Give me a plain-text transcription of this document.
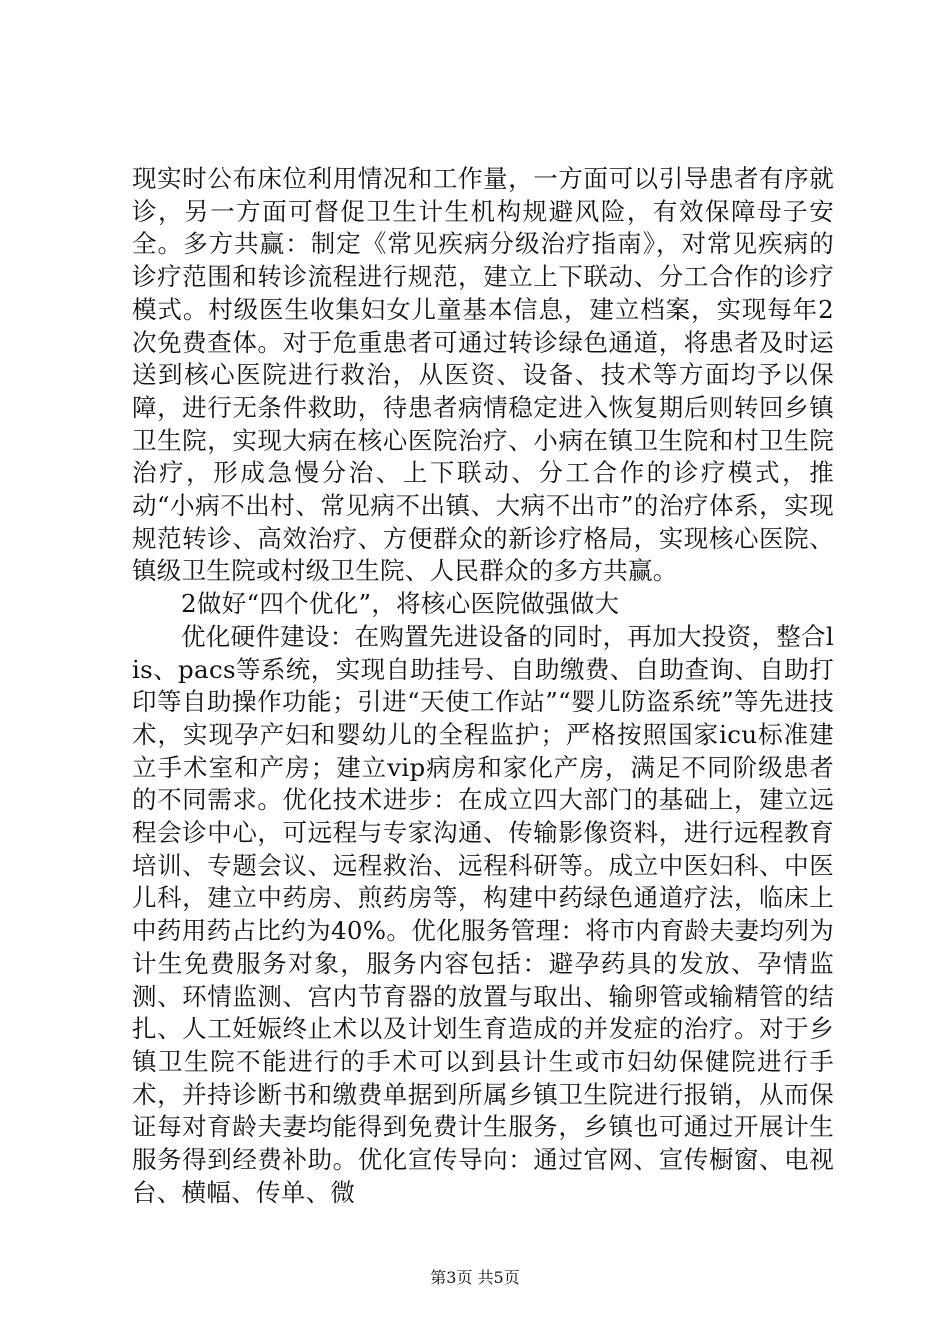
现实时公布床位利用情况和工作量，一方面可以引导患者有序就诊，另一方面可督促卫生计生机构规避风险，有效保障母子安全。多方共赢：制定《常见疾病分级治疗指南》，对常见疾病的诊疗范围和转诊流程进行规范，建立上下联动、分工合作的诊疗模式。村级医生收集妇女儿童基本信息，建立档案，实现每年2次免费查体。对于危重患者可通过转诊绿色通道，将患者及时运送到核心医院进行救治，从医资、设备、技术等方面均予以保障，进行无条件救助，待患者病情稳定进入恢复期后则转回乡镇卫生院，实现大病在核心医院治疗、小病在镇卫生院和村卫生院治疗，形成急慢分治、上下联动、分工合作的诊疗模式，推动“小病不出村、常见病不出镇、大病不出市”的治疗体系，实现规范转诊、高效治疗、方便群众的新诊疗格局，实现核心医院、镇级卫生院或村级卫生院、人民群众的多方共赢。

2做好“四个优化”，将核心医院做强做大

优化硬件建设：在购置先进设备的同时，再加大投资，整合lis、pacs等系统，实现自助挂号、自助缴费、自助查询、自助打印等自助操作功能；引进“天使工作站”“婴儿防盗系统”等先进技术，实现孕产妇和婴幼儿的全程监护；严格按照国家icu标准建立手术室和产房；建立vip病房和家化产房，满足不同阶级患者的不同需求。优化技术进步：在成立四大部门的基础上，建立远程会诊中心，可远程与专家沟通、传输影像资料，进行远程教育培训、专题会议、远程救治、远程科研等。成立中医妇科、中医儿科，建立中药房、煎药房等，构建中药绿色通道疗法，临床上中药用药占比约为40%。优化服务管理：将市内育龄夫妻均列为计生免费服务对象，服务内容包括：避孕药具的发放、孕情监测、环情监测、宫内节育器的放置与取出、输卵管或输精管的结扎、人工妊娠终止术以及计划生育造成的并发症的治疗。对于乡镇卫生院不能进行的手术可以到县计生或市妇幼保健院进行手术，并持诊断书和缴费单据到所属乡镇卫生院进行报销，从而保证每对育龄夫妻均能得到免费计生服务，乡镇也可通过开展计生服务得到经费补助。优化宣传导向：通过官网、宣传橱窗、电视台、横幅、传单、微

第3页 共5页
